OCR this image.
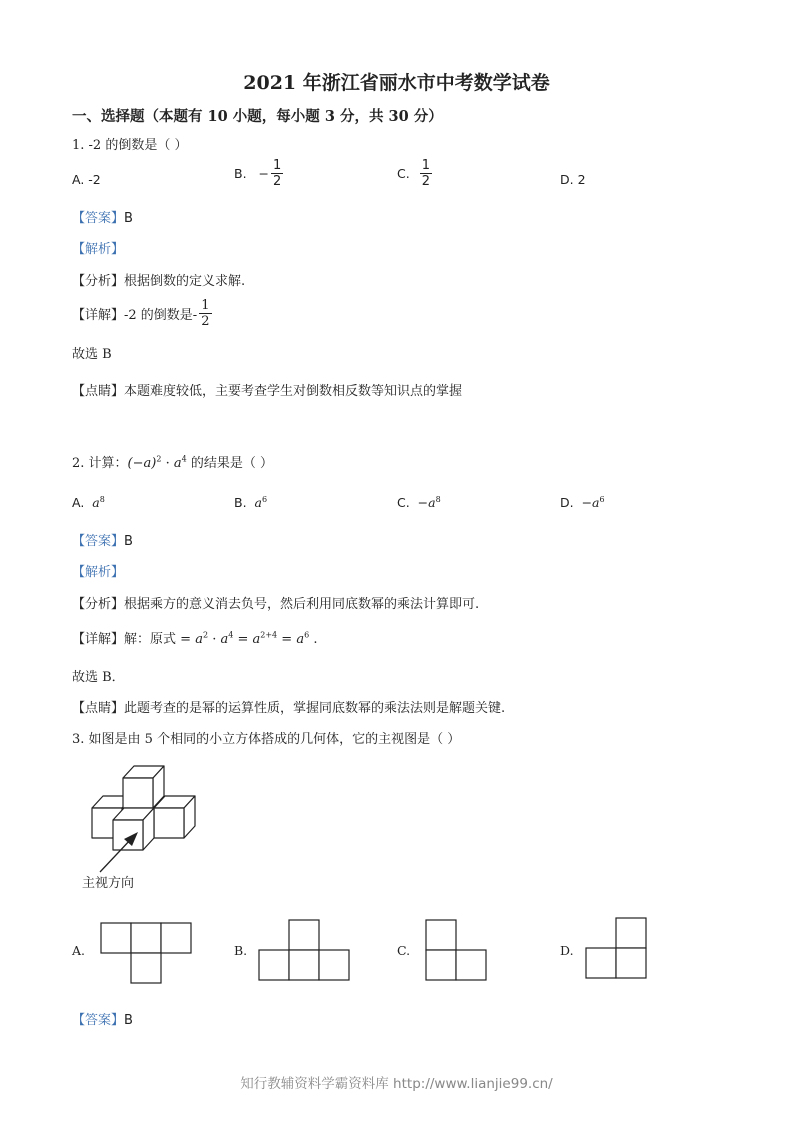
2021 年浙江省丽水市中考数学试卷
一、选择题（本题有 10 小题，每小题 3 分，共 30 分）
1. -2 的倒数是（ ）
A. -2	B. − $\frac{1}{2}$	C. $\frac{1}{2}$	D. 2
【答案】B
【解析】
【分析】根据倒数的定义求解.
【详解】-2 的倒数是- $\frac{1}{2}$
故选 B
【点睛】本题难度较低，主要考查学生对倒数相反数等知识点的掌握
2. 计算：$(-a)^2 \cdot a^4$ 的结果是（ ）
A. $a^8$	B. $a^6$	C. $-a^8$	D. $-a^6$
【答案】B
【解析】
【分析】根据乘方的意义消去负号，然后利用同底数幂的乘法计算即可.
【详解】解：原式 = $a^2 \cdot a^4 = a^{2+4} = a^6$ .
故选 B．
【点睛】此题考查的是幂的运算性质，掌握同底数幂的乘法法则是解题关键.
3. 如图是由 5 个相同的小立方体搭成的几何体，它的主视图是（ ）
主视方向
A.	B.	C.	D.
【答案】B
知行教辅资料学霸资料库 http://www.lianjie99.cn/
